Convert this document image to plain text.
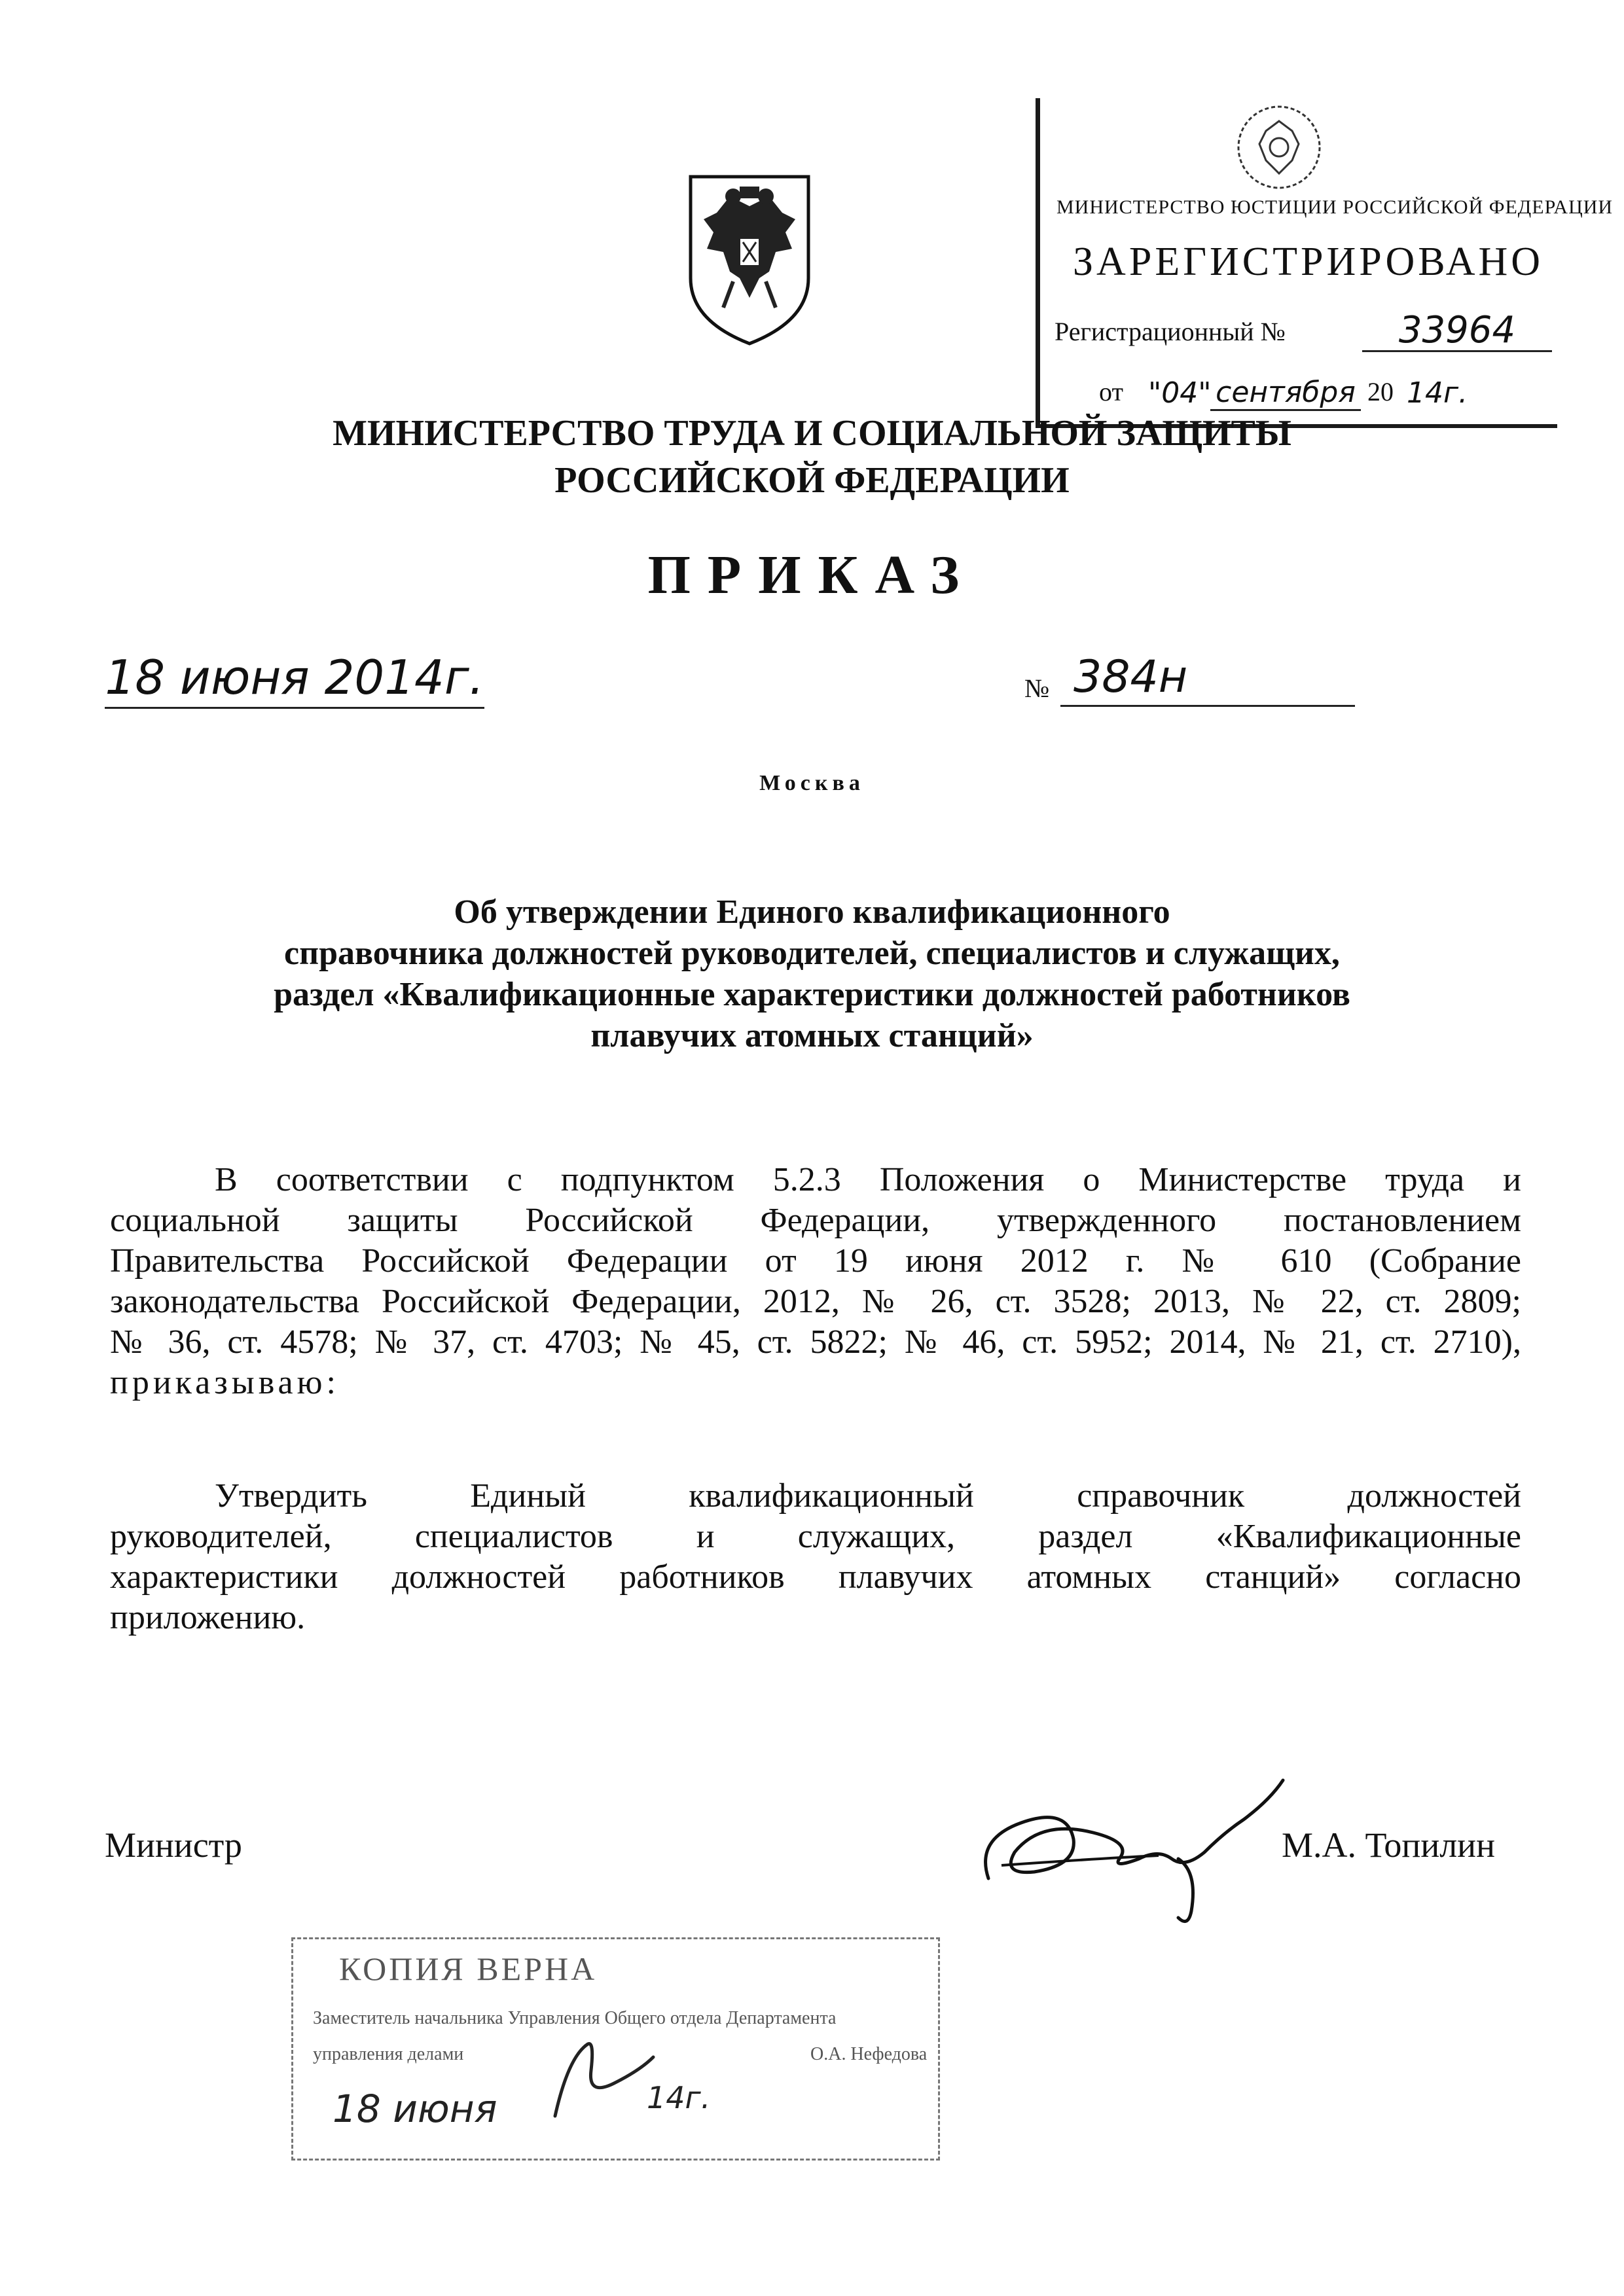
МИНИСТЕРСТВО ЮСТИЦИИ РОССИЙСКОЙ ФЕДЕРАЦИИ
ЗАРЕГИСТРИРОВАНО
Регистрационный №	33964
от "04" сентября 20 14г.
МИНИСТЕРСТВО ТРУДА И СОЦИАЛЬНОЙ ЗАЩИТЫ
РОССИЙСКОЙ ФЕДЕРАЦИИ
ПРИКАЗ
18 июня 2014г.	№ 384н
Москва
Об утверждении Единого квалификационного
справочника должностей руководителей, специалистов и служащих,
раздел «Квалификационные характеристики должностей работников
плавучих атомных станций»
В соответствии с подпунктом 5.2.3 Положения о Министерстве труда и
социальной защиты Российской Федерации, утвержденного постановлением
Правительства Российской Федерации от 19 июня 2012 г. № 610 (Собрание
законодательства Российской Федерации, 2012, № 26, ст. 3528; 2013, № 22, ст. 2809;
№ 36, ст. 4578; № 37, ст. 4703; № 45, ст. 5822; № 46, ст. 5952; 2014, № 21, ст. 2710),
приказываю:
Утвердить Единый квалификационный справочник должностей
руководителей, специалистов и служащих, раздел «Квалификационные
характеристики должностей работников плавучих атомных станций» согласно
приложению.
Министр	М.А. Топилин
КОПИЯ ВЕРНА
Заместитель начальника Управления Общего отдела Департамента
управления делами	О.А. Нефедова
18 июня	14г.
